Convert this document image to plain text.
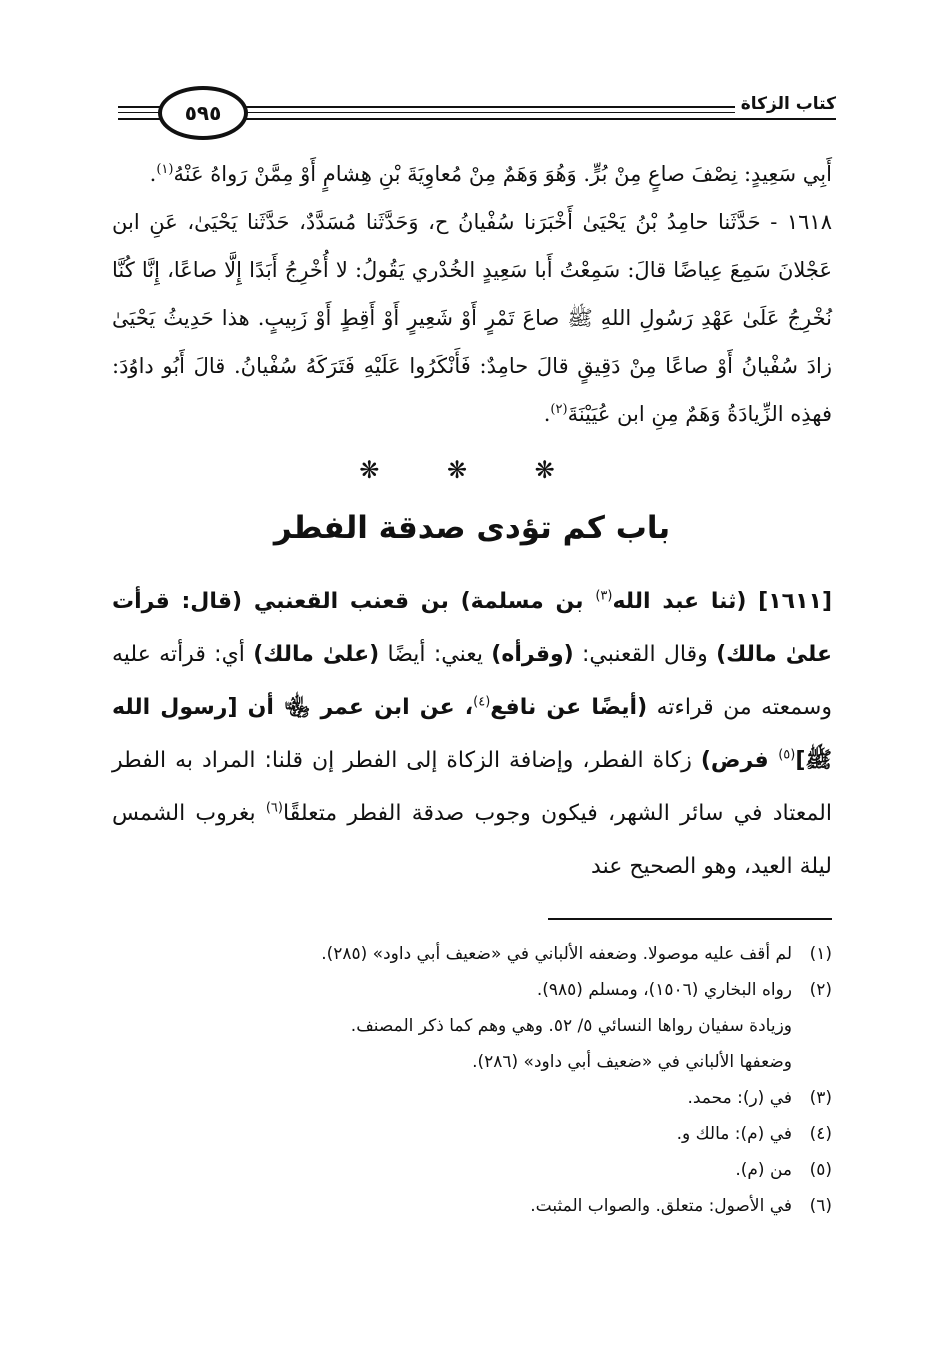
٥٩٥	كتاب الزكاة

أَبِي سَعِيدٍ: نِصْفَ صاعٍ مِنْ بُرٍّ. وَهُوَ وَهَمٌ مِنْ مُعاوِيَةَ بْنِ هِشامٍ أَوْ مِمَّنْ رَواهُ عَنْهُ$^{(١)}$.

١٦١٨ - حَدَّثَنا حامِدُ بْنُ يَحْيَىٰ أَخْبَرَنا سُفْيانُ ح، وَحَدَّثَنا مُسَدَّدٌ، حَدَّثَنا يَحْيَىٰ، عَنِ ابن عَجْلانَ سَمِعَ عِياضًا قالَ: سَمِعْتُ أَبا سَعِيدٍ الخُدْري يَقُولُ: لا أُخْرِجُ أَبَدًا إِلَّا صاعًا، إِنَّا كُنَّا نُخْرِجُ عَلَىٰ عَهْدِ رَسُولِ اللهِ ﷺ صاعَ تَمْرٍ أَوْ شَعِيرٍ أَوْ أَقِطٍ أَوْ زَبِيبٍ. هذا حَدِيثُ يَحْيَىٰ زادَ سُفْيانُ أَوْ صاعًا مِنْ دَقِيقٍ قالَ حامِدٌ: فَأَنْكَرُوا عَلَيْهِ فَتَرَكَهُ سُفْيانُ. قالَ أَبُو داوُدَ: فهذِه الزِّيادَةُ وَهَمٌ مِنِ ابن عُيَيْنَةَ$^{(٢)}$.

❋ ❋ ❋
باب كم تؤدى صدقة الفطر

[١٦١١] (ثنا عبد الله$^{(٣)}$ بن مسلمة) بن قعنب القعنبي (قال: قرأت علىٰ مالك) وقال القعنبي: (وقرأه) يعني: أيضًا (علىٰ مالك) أي: قرأته عليه وسمعته من قراءته (أيضًا عن نافع$^{(٤)}$، عن ابن عمر ﵄ أن [رسول الله ﷺ]$^{(٥)}$ فرض) زكاة الفطر، وإضافة الزكاة إلى الفطر إن قلنا: المراد به الفطر المعتاد في سائر الشهر، فيكون وجوب صدقة الفطر متعلقًا$^{(٦)}$ بغروب الشمس ليلة العيد، وهو الصحيح عند

(١)
لم أقف عليه موصولا. وضعفه الألباني في «ضعيف أبي داود» (٢٨٥).
(٢)
رواه البخاري (١٥٠٦)، ومسلم (٩٨٥).
وزيادة سفيان رواها النسائي ٥/ ٥٢. وهي وهم كما ذكر المصنف.
وضعفها الألباني في «ضعيف أبي داود» (٢٨٦).
(٣)
في (ر): محمد.
(٤)
في (م): مالك و.
(٥)
من (م).
(٦)
في الأصول: متعلق. والصواب المثبت.
